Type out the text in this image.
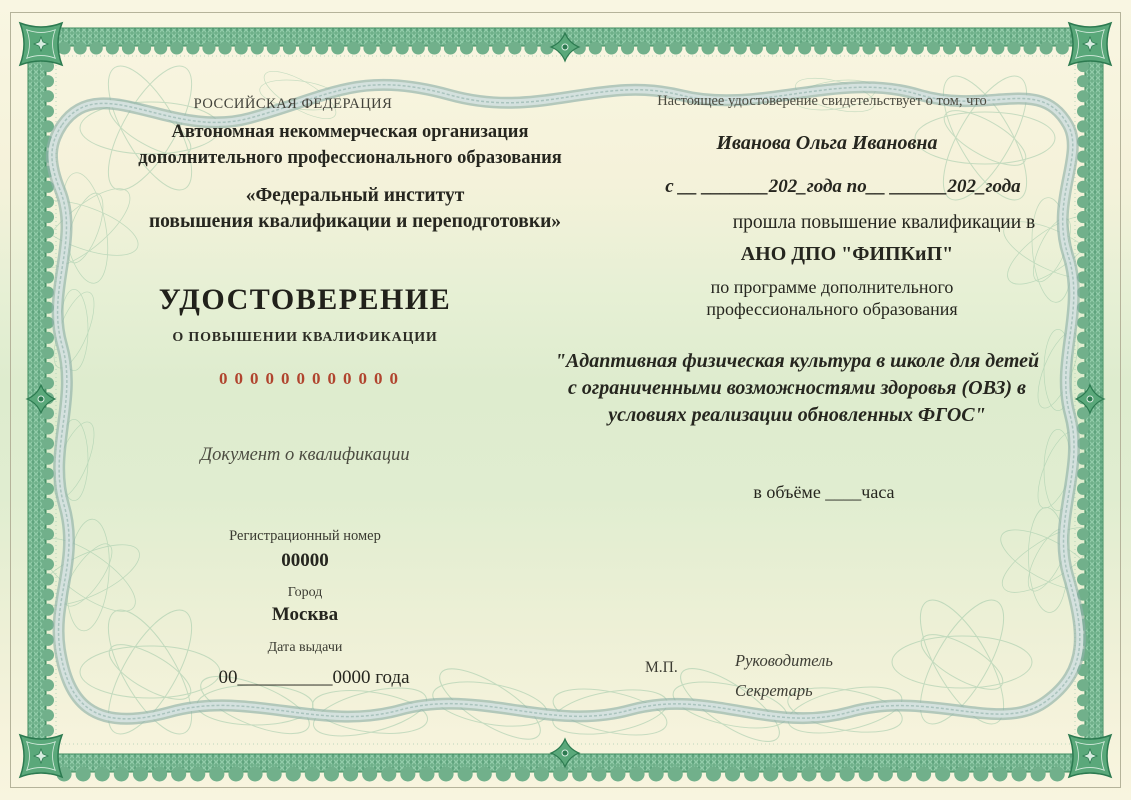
РОССИЙСКАЯ ФЕДЕРАЦИЯ
Автономная некоммерческая организация
дополнительного профессионального образования
«Федеральный институт
повышения квалификации и переподготовки»
УДОСТОВЕРЕНИЕ
О ПОВЫШЕНИИ КВАЛИФИКАЦИИ
000000000000
Документ о квалификации
Регистрационный номер
00000
Город
Москва
Дата выдачи
00__________0000 года
Настоящее удостоверение свидетельствует о том, что
Иванова Ольга Ивановна
с __ _______202_года по__ ______202_года
прошла повышение квалификации в
АНО ДПО "ФИПКиП"
по программе дополнительного
профессионального образования
"Адаптивная физическая культура в школе для детей с ограниченными возможностями здоровья (ОВЗ) в условиях реализации обновленных ФГОС"
в объёме ____часа
М.П.	Руководитель
Секретарь
